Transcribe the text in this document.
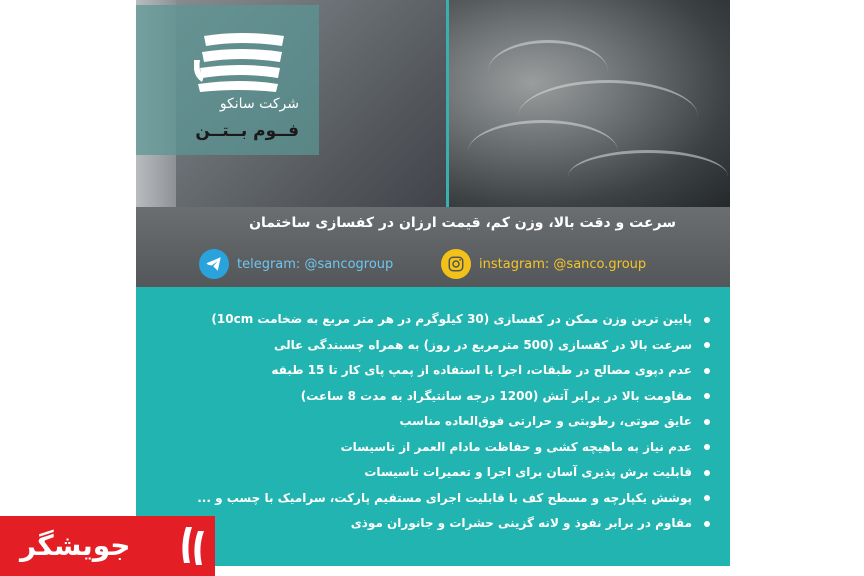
شرکت سانکو
فــوم بــتــن
سرعت و دقت بالا، وزن کم، قیمت ارزان در کفسازی ساختمان
telegram: @sancogroup	instagram: @sanco.group
پایین ترین وزن ممکن در کفسازی (30 کیلوگرم در هر متر مربع به ضخامت 10cm)
سرعت بالا در کفسازی (500 مترمربع در روز) به همراه چسبندگی عالی
عدم دپوی مصالح در طبقات، اجرا با استفاده از پمپ پای کار تا 15 طبقه
مقاومت بالا در برابر آتش (1200 درجه سانتیگراد به مدت 8 ساعت)
عایق صوتی، رطوبتی و حرارتی فوق‌العاده مناسب
عدم نیاز به ماهیچه کشی و حفاظت مادام العمر از تاسیسات
قابلیت برش پذیری آسان برای اجرا و تعمیرات تاسیسات
پوشش یکپارچه و مسطح کف با قابلیت اجرای مستقیم پارکت، سرامیک با چسب و ...
مقاوم در برابر نفوذ و لانه گزینی حشرات و جانوران موذی
جویشگر
